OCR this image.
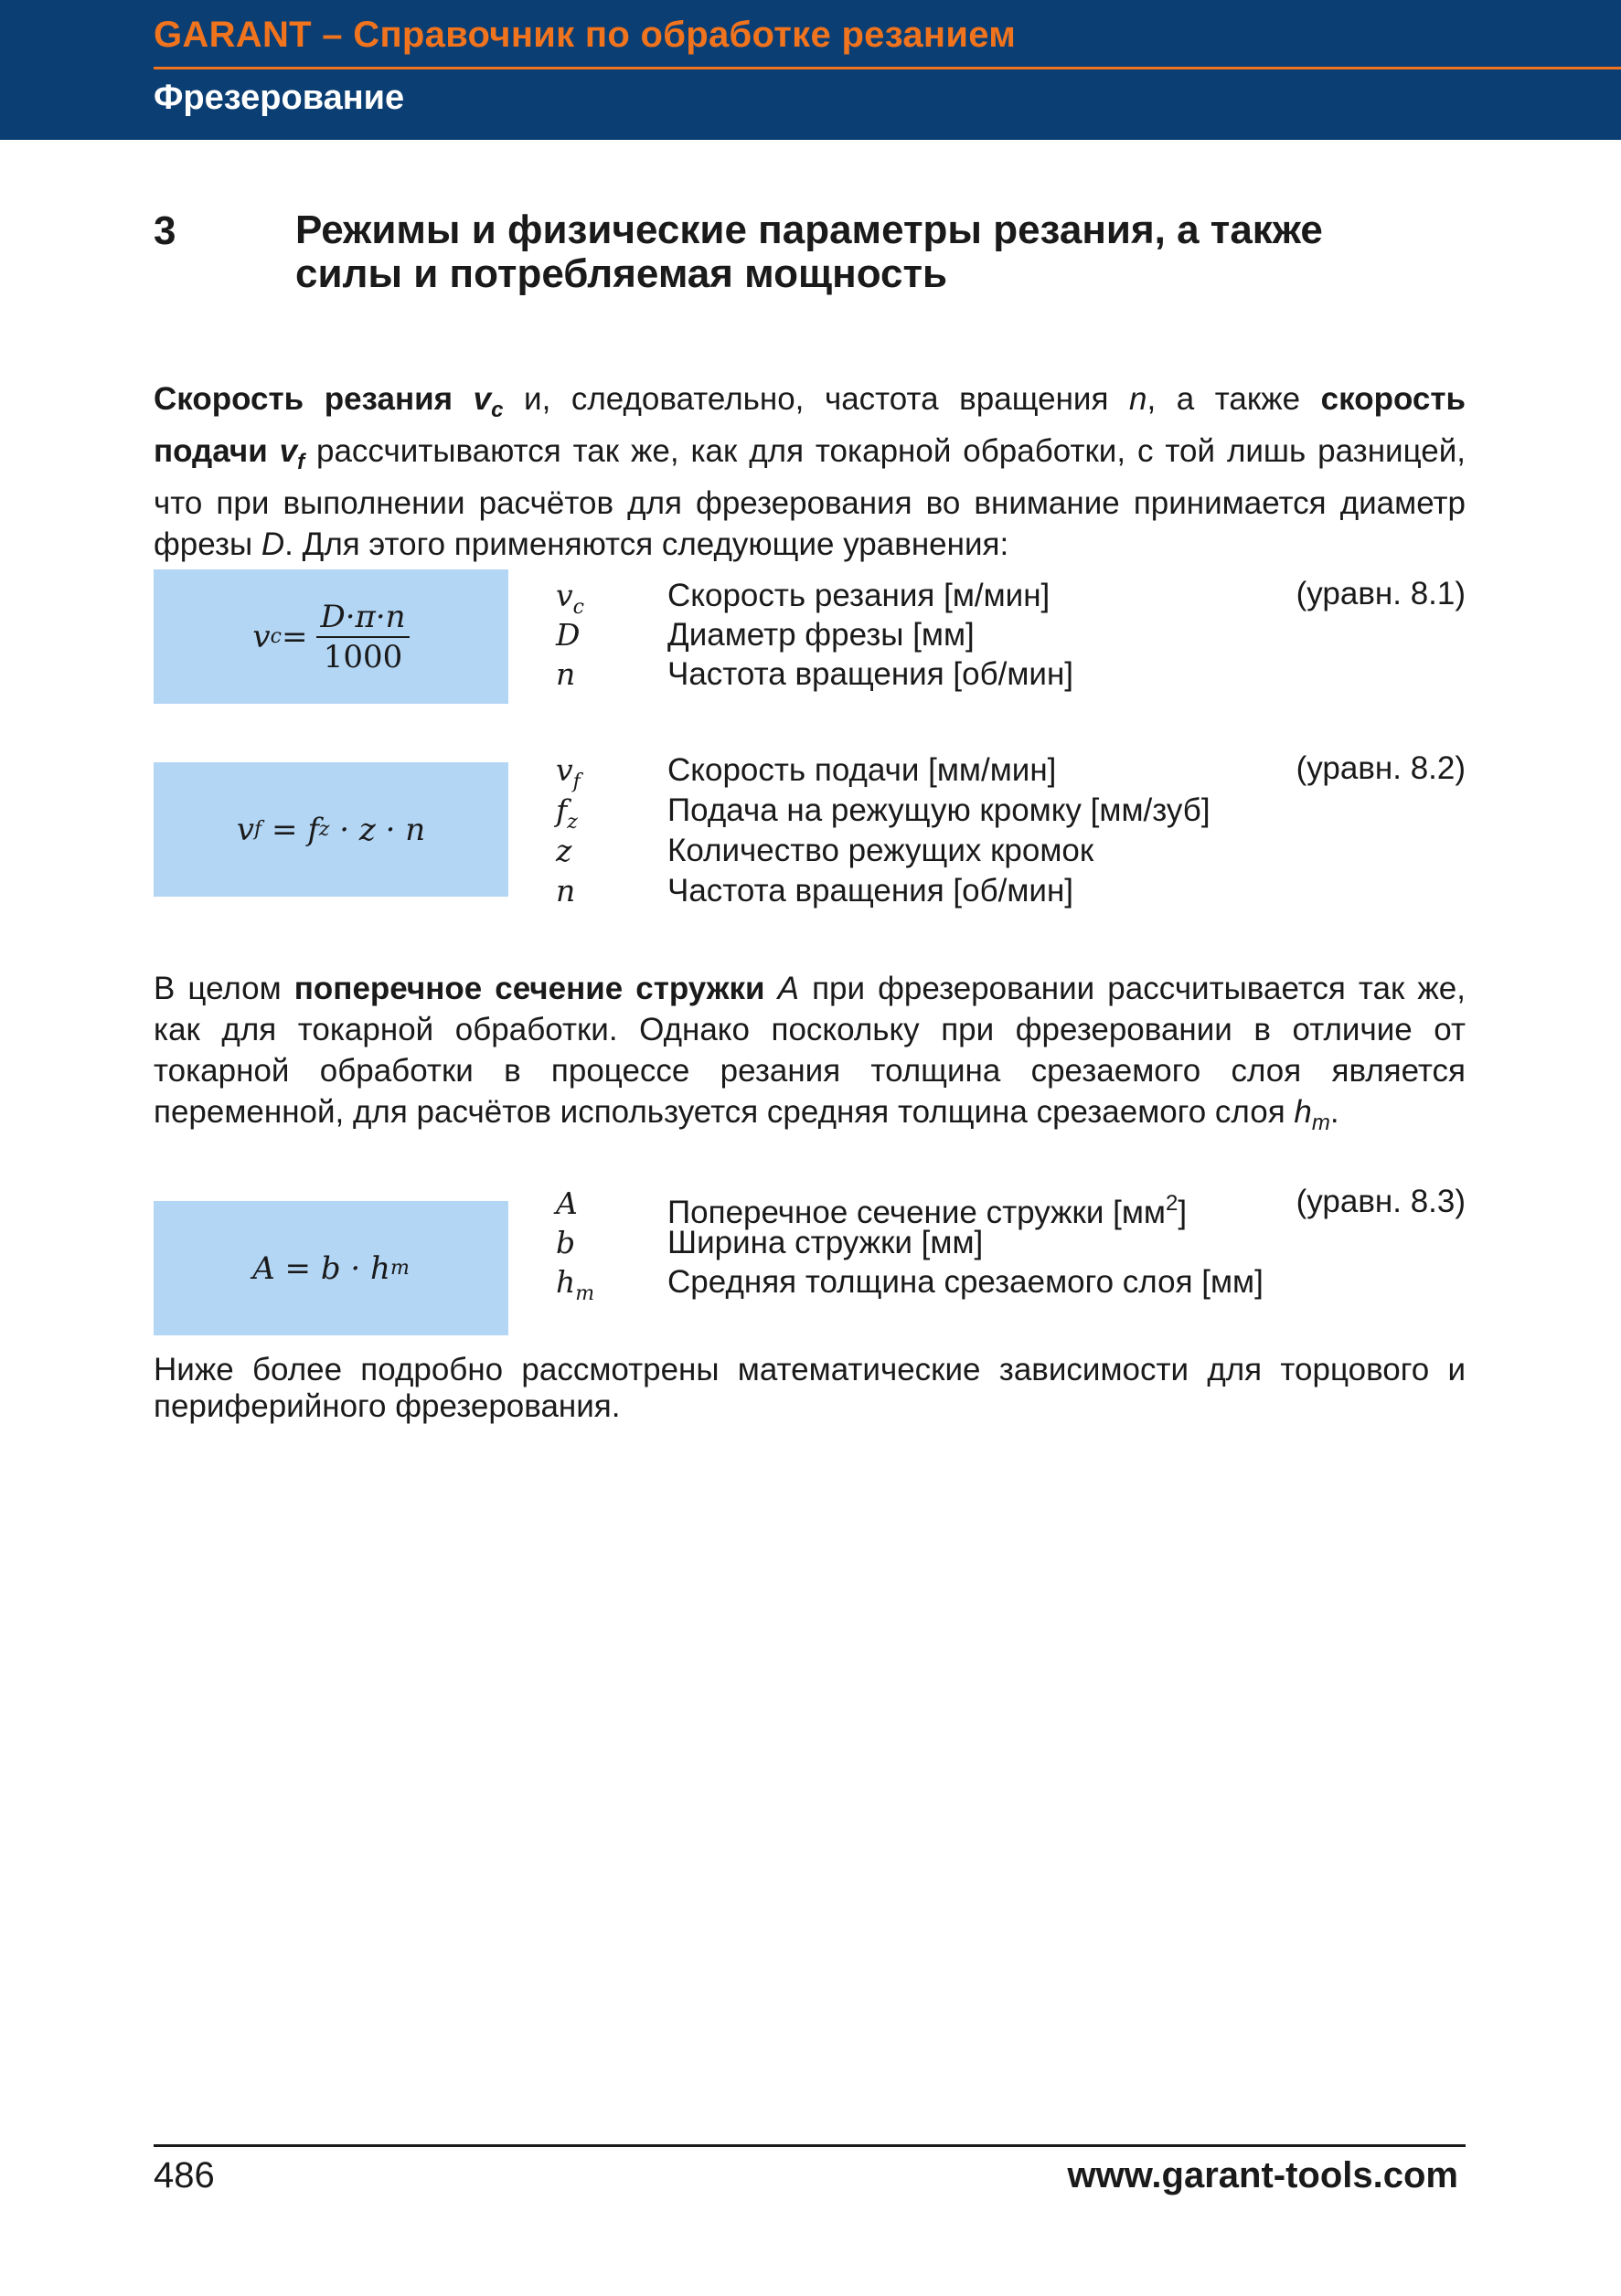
GARANT – Справочник по обработке резанием
Фрезерование
3	Режимы и физические параметры резания, а также
силы и потребляемая мощность
Скорость резания $v_c$ и, следовательно, частота вращения n, а также скорость подачи $v_f$ рассчитываются так же, как для токарной обработки, с той лишь разницей, что при выполнении расчётов для фрезерования во внимание принимается диаметр фрезы D. Для этого применяются следующие уравнения:
v $c = \frac{D\cdot\pi\cdot n}{1000}$
$v_c$	Скорость резания [м/мин]	(уравн. 8.1)
D	Диаметр фрезы [мм]
n	Частота вращения [об/мин]
v f = f z · z · n
$v_f$	Скорость подачи [мм/мин]	(уравн. 8.2)
$f_z$	Подача на режущую кромку [мм/зуб]
z	Количество режущих кромок
n	Частота вращения [об/мин]
В целом поперечное сечение стружки A при фрезеровании рассчитывается так же, как для токарной обработки. Однако поскольку при фрезеровании в отличие от токарной обработки в процессе резания толщина срезаемого слоя является переменной, для расчётов используется средняя толщина срезаемого слоя $h_m$.
A = b · h m
A	Поперечное сечение стружки $[мм^2]$	(уравн. 8.3)
b	Ширина стружки [мм]
$h_m$ Средняя толщина срезаемого слоя [мм]
Ниже более подробно рассмотрены математические зависимости для торцового и периферийного фрезерования.
486	www.garant-tools.com
